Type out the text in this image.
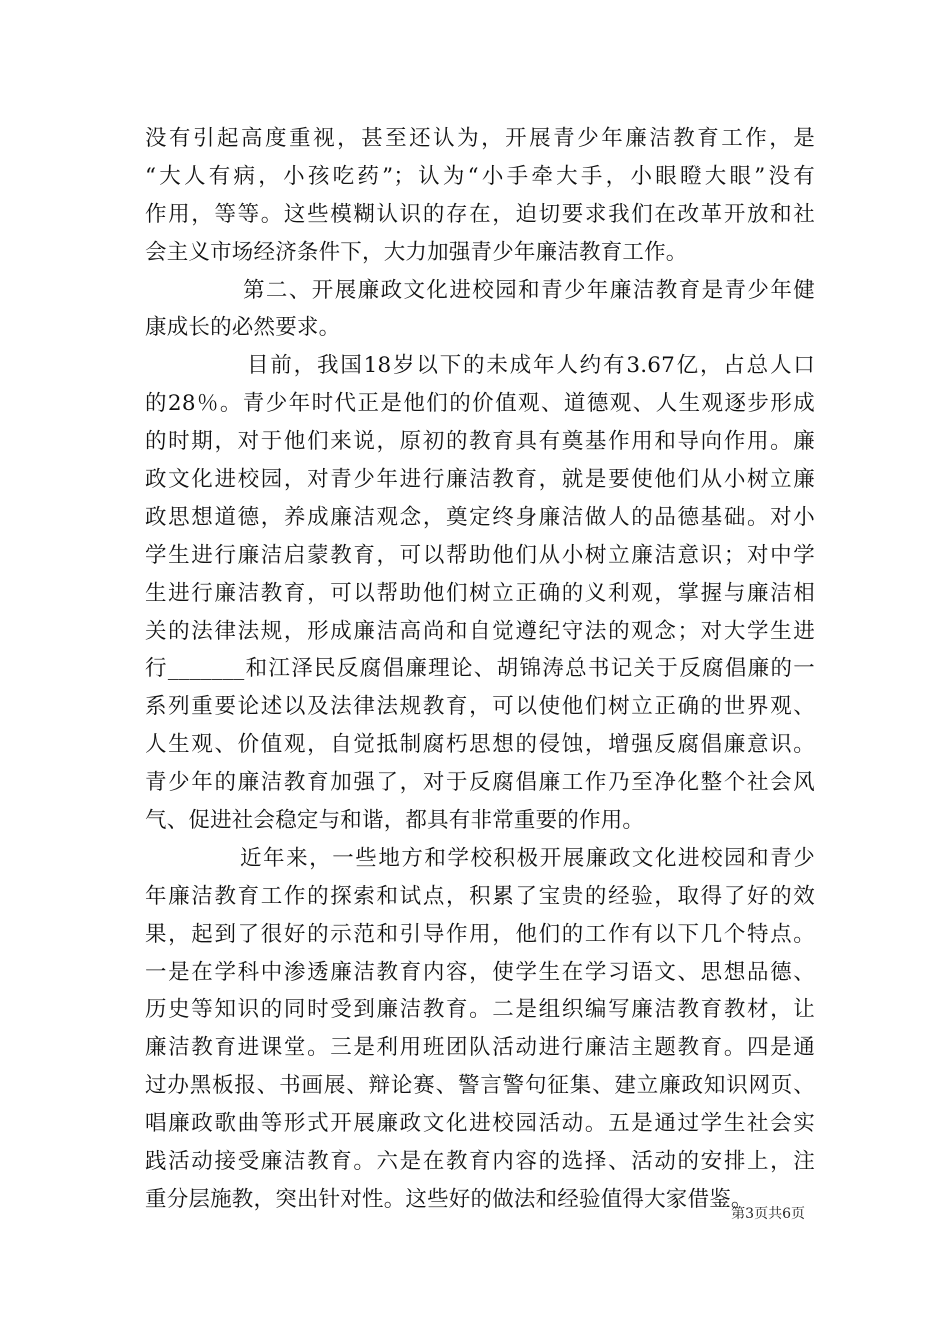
没有引起高度重视，甚至还认为，开展青少年廉洁教育工作，是
“大人有病，小孩吃药”；认为“小手牵大手，小眼瞪大眼”没有
作用，等等。这些模糊认识的存在，迫切要求我们在改革开放和社
会主义市场经济条件下，大力加强青少年廉洁教育工作。
第二、开展廉政文化进校园和青少年廉洁教育是青少年健
康成长的必然要求。
目前，我国18岁以下的未成年人约有3.67亿，占总人口
的28％。青少年时代正是他们的价值观、道德观、人生观逐步形成
的时期，对于他们来说，原初的教育具有奠基作用和导向作用。廉
政文化进校园，对青少年进行廉洁教育，就是要使他们从小树立廉
政思想道德，养成廉洁观念，奠定终身廉洁做人的品德基础。对小
学生进行廉洁启蒙教育，可以帮助他们从小树立廉洁意识；对中学
生进行廉洁教育，可以帮助他们树立正确的义利观，掌握与廉洁相
关的法律法规，形成廉洁高尚和自觉遵纪守法的观念；对大学生进
行_______和江泽民反腐倡廉理论、胡锦涛总书记关于反腐倡廉的一
系列重要论述以及法律法规教育，可以使他们树立正确的世界观、
人生观、价值观，自觉抵制腐朽思想的侵蚀，增强反腐倡廉意识。
青少年的廉洁教育加强了，对于反腐倡廉工作乃至净化整个社会风
气、促进社会稳定与和谐，都具有非常重要的作用。
近年来，一些地方和学校积极开展廉政文化进校园和青少
年廉洁教育工作的探索和试点，积累了宝贵的经验，取得了好的效
果，起到了很好的示范和引导作用，他们的工作有以下几个特点。
一是在学科中渗透廉洁教育内容，使学生在学习语文、思想品德、
历史等知识的同时受到廉洁教育。二是组织编写廉洁教育教材，让
廉洁教育进课堂。三是利用班团队活动进行廉洁主题教育。四是通
过办黑板报、书画展、辩论赛、警言警句征集、建立廉政知识网页、
唱廉政歌曲等形式开展廉政文化进校园活动。五是通过学生社会实
践活动接受廉洁教育。六是在教育内容的选择、活动的安排上，注
重分层施教，突出针对性。这些好的做法和经验值得大家借鉴。
第3页共6页
